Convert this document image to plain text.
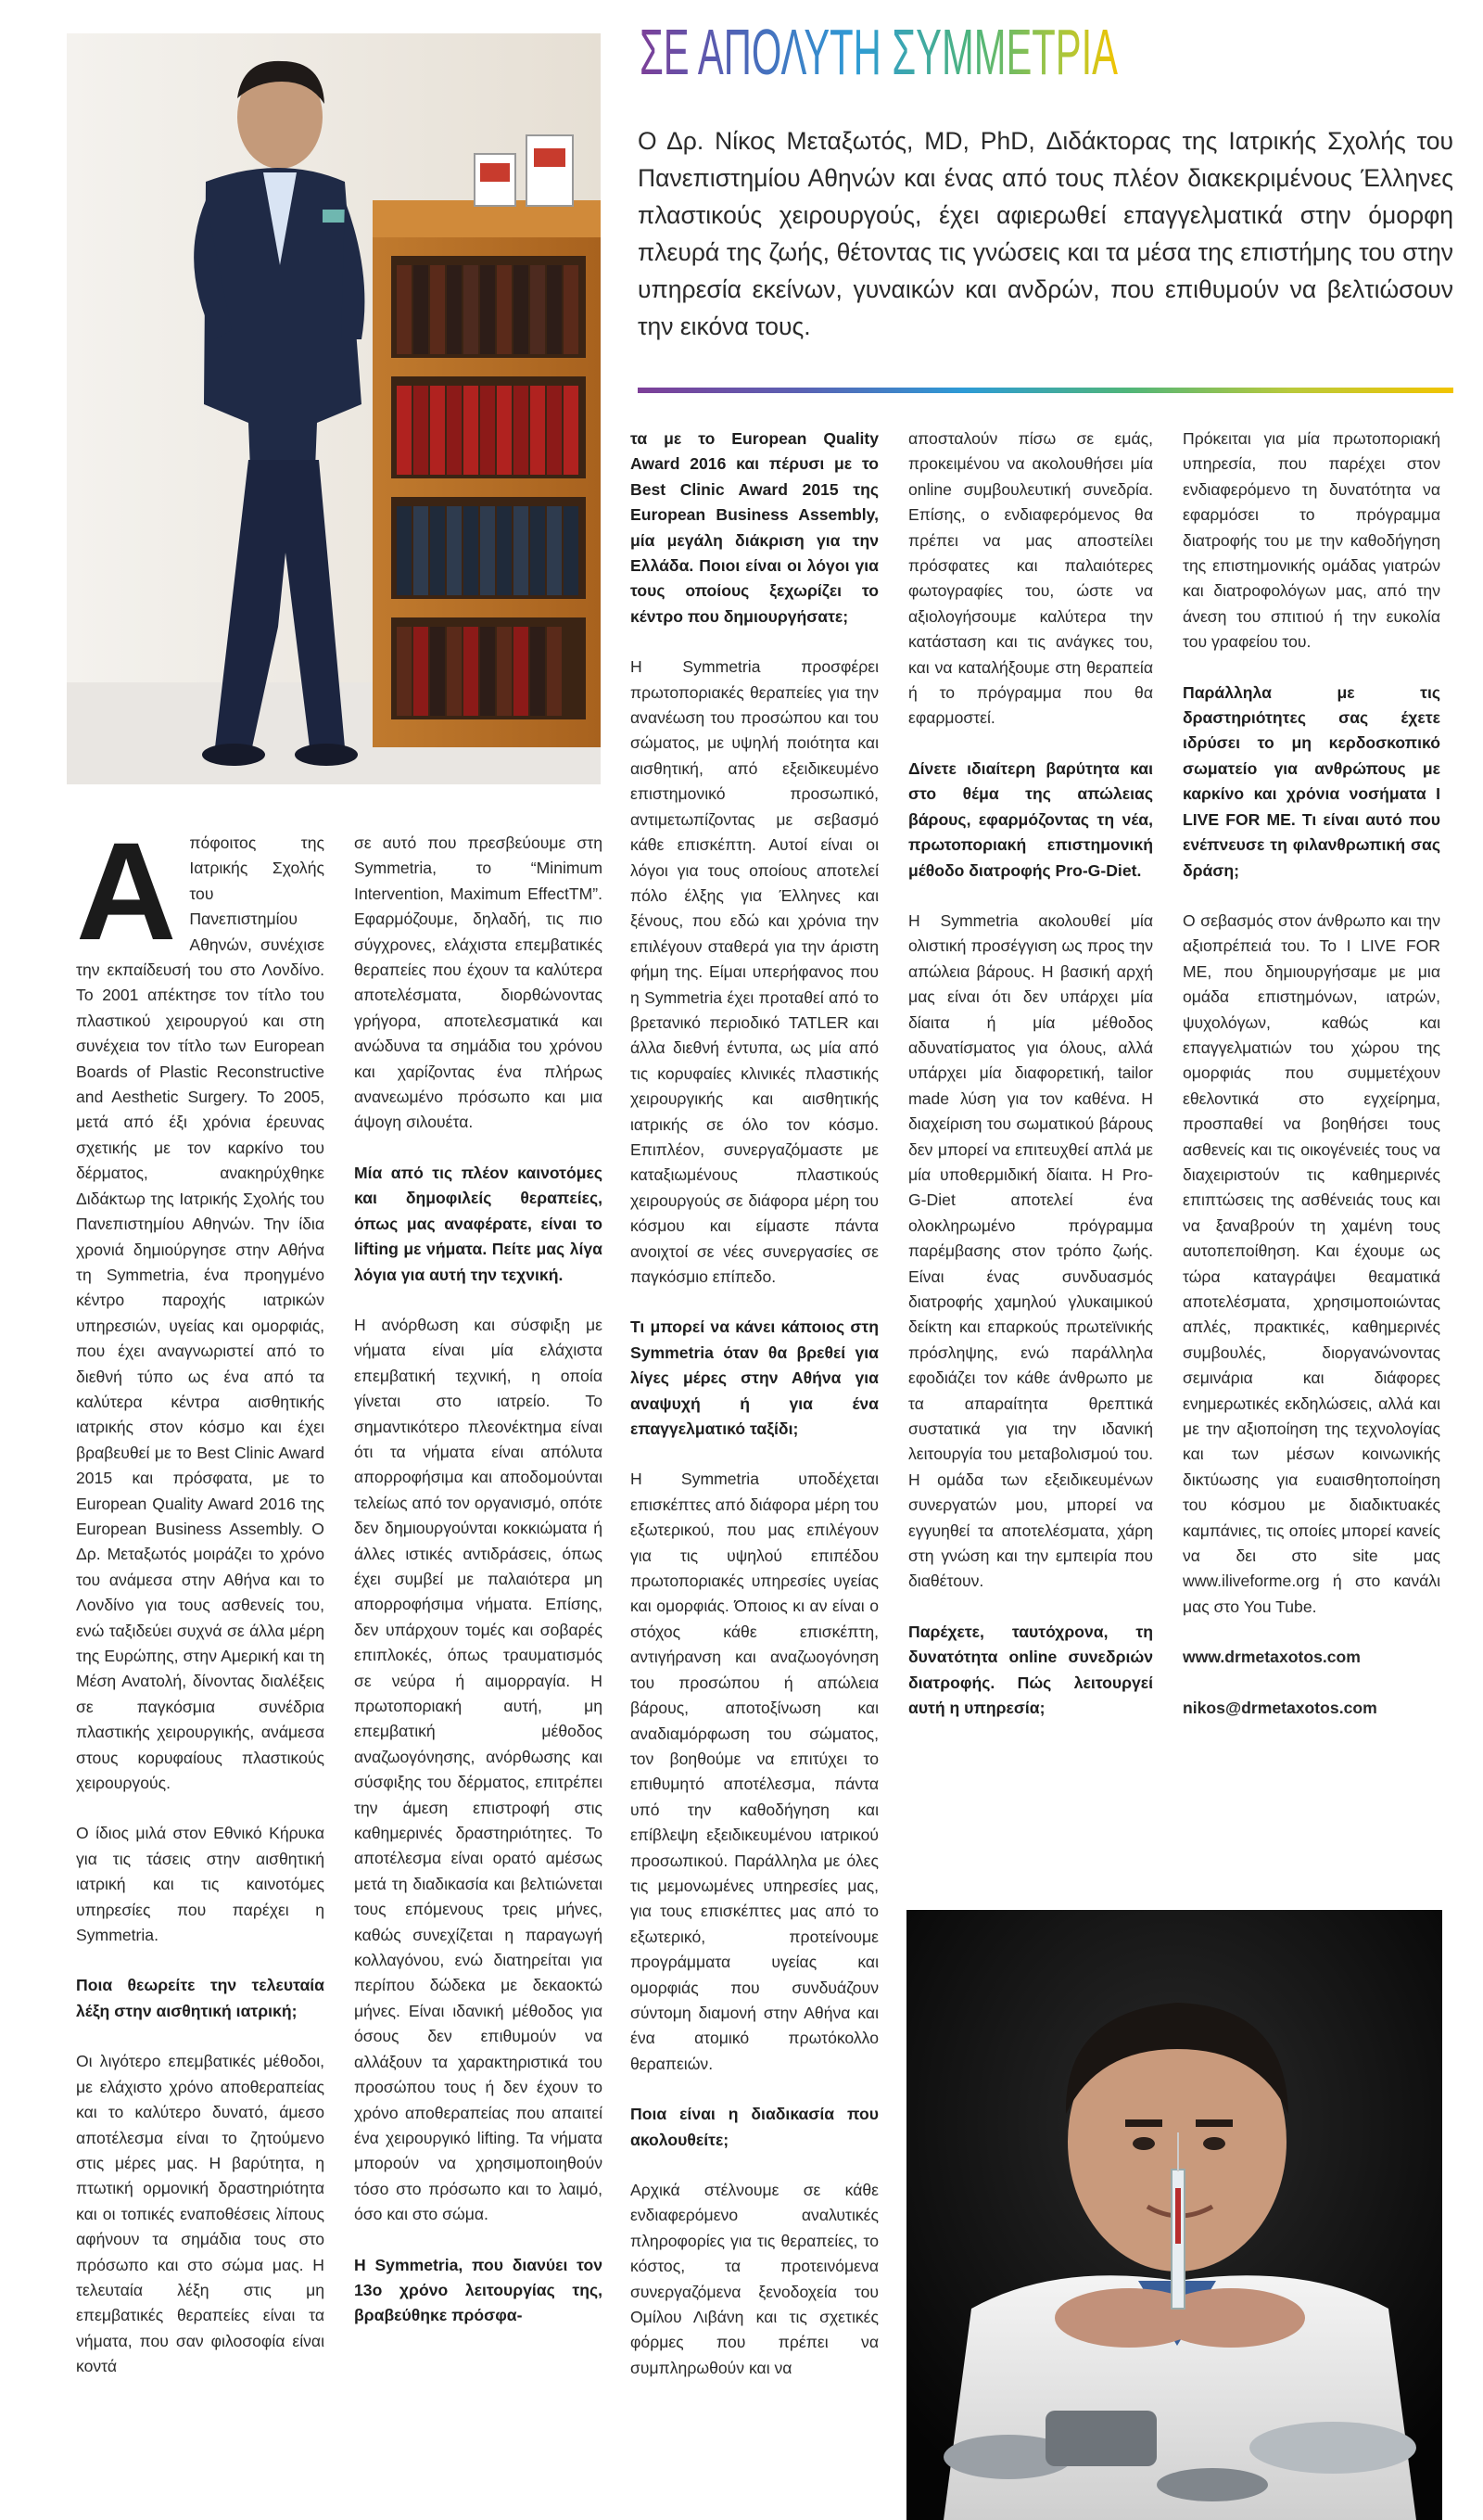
ΣΕ ΑΠΟΛΥΤΗ ΣΥΜΜΕΤΡΙΑ
Ο Δρ. Νίκος Μεταξωτός, MD, PhD, Διδάκτορας της Ιατρικής Σχολής του Πανεπιστημίου Αθηνών και ένας από τους πλέον διακεκριμένους Έλληνες πλαστικούς χειρουργούς, έχει αφιερωθεί επαγγελματικά στην όμορφη πλευρά της ζωής, θέτοντας τις γνώσεις και τα μέσα της επιστήμης του στην υπηρεσία εκείνων, γυναικών και ανδρών, που επιθυμούν να βελτιώσουν την εικόνα τους.

Απόφοιτος της Ιατρικής Σχολής του Πανεπιστημίου Αθηνών, συνέχισε την εκπαίδευσή του στο Λονδίνο. Το 2001 απέκτησε τον τίτλο του πλαστικού χειρουργού και στη συνέχεια τον τίτλο των European Boards of Plastic Reconstructive and Aesthetic Surgery. Το 2005, μετά από έξι χρόνια έρευνας σχετικής με τον καρκίνο του δέρματος, ανακηρύχθηκε Διδάκτωρ της Ιατρικής Σχολής του Πανεπιστημίου Αθηνών. Την ίδια χρονιά δημιούργησε στην Αθήνα τη Symmetria, ένα προηγμένο κέντρο παροχής ιατρικών υπηρεσιών, υγείας και ομορφιάς, που έχει αναγνωριστεί από το διεθνή τύπο ως ένα από τα καλύτερα κέντρα αισθητικής ιατρικής στον κόσμο και έχει βραβευθεί με το Best Clinic Award 2015 και πρόσφατα, με το European Quality Award 2016 της European Business Assembly. Ο Δρ. Μεταξωτός μοιράζει το χρόνο του ανάμεσα στην Αθήνα και το Λονδίνο για τους ασθενείς του, ενώ ταξιδεύει συχνά σε άλλα μέρη της Ευρώπης, στην Αμερική και τη Μέση Ανατολή, δίνοντας διαλέξεις σε παγκόσμια συνέδρια πλαστικής χειρουργικής, ανάμεσα στους κορυφαίους πλαστικούς χειρουργούς.

Ο ίδιος μιλά στον Εθνικό Κήρυκα για τις τάσεις στην αισθητική ιατρική και τις καινοτόμες υπηρεσίες που παρέχει η Symmetria.

Ποια θεωρείτε την τελευταία λέξη στην αισθητική ιατρική;

Οι λιγότερο επεμβατικές μέθοδοι, με ελάχιστο χρόνο αποθεραπείας και το καλύτερο δυνατό, άμεσο αποτέλεσμα είναι το ζητούμενο στις μέρες μας. Η βαρύτητα, η πτωτική ορμονική δραστηριότητα και οι τοπικές εναποθέσεις λίπους αφήνουν τα σημάδια τους στο πρόσωπο και στο σώμα μας. Η τελευταία λέξη στις μη επεμβατικές θεραπείες είναι τα νήματα, που σαν φιλοσοφία είναι κοντά

σε αυτό που πρεσβεύουμε στη Symmetria, το “Minimum Intervention, Maximum EffectTM”. Εφαρμόζουμε, δηλαδή, τις πιο σύγχρονες, ελάχιστα επεμβατικές θεραπείες που έχουν τα καλύτερα αποτελέσματα, διορθώνοντας γρήγορα, αποτελεσματικά και ανώδυνα τα σημάδια του χρόνου και χαρίζοντας ένα πλήρως ανανεωμένο πρόσωπο και μια άψογη σιλουέτα.

Μία από τις πλέον καινοτόμες και δημοφιλείς θεραπείες, όπως μας αναφέρατε, είναι το lifting με νήματα. Πείτε μας λίγα λόγια για αυτή την τεχνική.

Η ανόρθωση και σύσφιξη με νήματα είναι μία ελάχιστα επεμβατική τεχνική, η οποία γίνεται στο ιατρείο. Το σημαντικότερο πλεονέκτημα είναι ότι τα νήματα είναι απόλυτα απορροφήσιμα και αποδομούνται τελείως από τον οργανισμό, οπότε δεν δημιουργούνται κοκκιώματα ή άλλες ιστικές αντιδράσεις, όπως έχει συμβεί με παλαιότερα μη απορροφήσιμα νήματα. Επίσης, δεν υπάρχουν τομές και σοβαρές επιπλοκές, όπως τραυματισμός σε νεύρα ή αιμορραγία. Η πρωτοποριακή αυτή, μη επεμβατική μέθοδος αναζωογόνησης, ανόρθωσης και σύσφιξης του δέρματος, επιτρέπει την άμεση επιστροφή στις καθημερινές δραστηριότητες. Το αποτέλεσμα είναι ορατό αμέσως μετά τη διαδικασία και βελτιώνεται τους επόμενους τρεις μήνες, καθώς συνεχίζεται η παραγωγή κολλαγόνου, ενώ διατηρείται για περίπου δώδεκα με δεκαοκτώ μήνες. Είναι ιδανική μέθοδος για όσους δεν επιθυμούν να αλλάξουν τα χαρακτηριστικά του προσώπου τους ή δεν έχουν το χρόνο αποθεραπείας που απαιτεί ένα χειρουργικό lifting. Τα νήματα μπορούν να χρησιμοποιηθούν τόσο στο πρόσωπο και το λαιμό, όσο και στο σώμα.

Η Symmetria, που διανύει τον 13ο χρόνο λειτουργίας της, βραβεύθηκε πρόσφα-

τα με το European Quality Award 2016 και πέρυσι με το Best Clinic Award 2015 της European Business Assembly, μία μεγάλη διάκριση για την Ελλάδα. Ποιοι είναι οι λόγοι για τους οποίους ξεχωρίζει το κέντρο που δημιουργήσατε;

Η Symmetria προσφέρει πρωτοποριακές θεραπείες για την ανανέωση του προσώπου και του σώματος, με υψηλή ποιότητα και αισθητική, από εξειδικευμένο επιστημονικό προσωπικό, αντιμετωπίζοντας με σεβασμό κάθε επισκέπτη. Αυτοί είναι οι λόγοι για τους οποίους αποτελεί πόλο έλξης για Έλληνες και ξένους, που εδώ και χρόνια την επιλέγουν σταθερά για την άριστη φήμη της. Είμαι υπερήφανος που η Symmetria έχει προταθεί από το βρετανικό περιοδικό TATLER και άλλα διεθνή έντυπα, ως μία από τις κορυφαίες κλινικές πλαστικής χειρουργικής και αισθητικής ιατρικής σε όλο τον κόσμο. Επιπλέον, συνεργαζόμαστε με καταξιωμένους πλαστικούς χειρουργούς σε διάφορα μέρη του κόσμου και είμαστε πάντα ανοιχτοί σε νέες συνεργασίες σε παγκόσμιο επίπεδο.

Τι μπορεί να κάνει κάποιος στη Symmetria όταν θα βρεθεί για λίγες μέρες στην Αθήνα για αναψυχή ή για ένα επαγγελματικό ταξίδι;

Η Symmetria υποδέχεται επισκέπτες από διάφορα μέρη του εξωτερικού, που μας επιλέγουν για τις υψηλού επιπέδου πρωτοποριακές υπηρεσίες υγείας και ομορφιάς. Όποιος κι αν είναι ο στόχος κάθε επισκέπτη, αντιγήρανση και αναζωογόνηση του προσώπου ή απώλεια βάρους, αποτοξίνωση και αναδιαμόρφωση του σώματος, τον βοηθούμε να επιτύχει το επιθυμητό αποτέλεσμα, πάντα υπό την καθοδήγηση και επίβλεψη εξειδικευμένου ιατρικού προσωπικού. Παράλληλα με όλες τις μεμονωμένες υπηρεσίες μας, για τους επισκέπτες μας από το εξωτερικό, προτείνουμε προγράμματα υγείας και ομορφιάς που συνδυάζουν σύντομη διαμονή στην Αθήνα και ένα ατομικό πρωτόκολλο θεραπειών.

Ποια είναι η διαδικασία που ακολουθείτε;

Αρχικά στέλνουμε σε κάθε ενδιαφερόμενο αναλυτικές πληροφορίες για τις θεραπείες, το κόστος, τα προτεινόμενα συνεργαζόμενα ξενοδοχεία του Ομίλου Λιβάνη και τις σχετικές φόρμες που πρέπει να συμπληρωθούν και να

αποσταλούν πίσω σε εμάς, προκειμένου να ακολουθήσει μία online συμβουλευτική συνεδρία. Επίσης, ο ενδιαφερόμενος θα πρέπει να μας αποστείλει πρόσφατες και παλαιότερες φωτογραφίες του, ώστε να αξιολογήσουμε καλύτερα την κατάσταση και τις ανάγκες του, και να καταλήξουμε στη θεραπεία ή το πρόγραμμα που θα εφαρμοστεί.

Δίνετε ιδιαίτερη βαρύτητα και στο θέμα της απώλειας βάρους, εφαρμόζοντας τη νέα, πρωτοποριακή επιστημονική μέθοδο διατροφής Pro-G-Diet.

Η Symmetria ακολουθεί μία ολιστική προσέγγιση ως προς την απώλεια βάρους. Η βασική αρχή μας είναι ότι δεν υπάρχει μία δίαιτα ή μία μέθοδος αδυνατίσματος για όλους, αλλά υπάρχει μία διαφορετική, tailor made λύση για τον καθένα. Η διαχείριση του σωματικού βάρους δεν μπορεί να επιτευχθεί απλά με μία υποθερμιδική δίαιτα. Η Pro-G-Diet αποτελεί ένα ολοκληρωμένο πρόγραμμα παρέμβασης στον τρόπο ζωής. Είναι ένας συνδυασμός διατροφής χαμηλού γλυκαιμικού δείκτη και επαρκούς πρωτεϊνικής πρόσληψης, ενώ παράλληλα εφοδιάζει τον κάθε άνθρωπο με τα απαραίτητα θρεπτικά συστατικά για την ιδανική λειτουργία του μεταβολισμού του. Η ομάδα των εξειδικευμένων συνεργατών μου, μπορεί να εγγυηθεί τα αποτελέσματα, χάρη στη γνώση και την εμπειρία που διαθέτουν.

Παρέχετε, ταυτόχρονα, τη δυνατότητα online συνεδριών διατροφής. Πώς λειτουργεί αυτή η υπηρεσία;

Πρόκειται για μία πρωτοποριακή υπηρεσία, που παρέχει στον ενδιαφερόμενο τη δυνατότητα να εφαρμόσει το πρόγραμμα διατροφής του με την καθοδήγηση της επιστημονικής ομάδας γιατρών και διατροφολόγων μας, από την άνεση του σπιτιού ή την ευκολία του γραφείου του.

Παράλληλα με τις δραστηριότητες σας έχετε ιδρύσει το μη κερδοσκοπικό σωματείο για ανθρώπους με καρκίνο και χρόνια νοσήματα I LIVE FOR ME. Τι είναι αυτό που ενέπνευσε τη φιλανθρωπική σας δράση;

Ο σεβασμός στον άνθρωπο και την αξιοπρέπειά του. Το I LIVE FOR ME, που δημιουργήσαμε με μια ομάδα επιστημόνων, ιατρών, ψυχολόγων, καθώς και επαγγελματιών του χώρου της ομορφιάς που συμμετέχουν εθελοντικά στο εγχείρημα, προσπαθεί να βοηθήσει τους ασθενείς και τις οικογένειές τους να διαχειριστούν τις καθημερινές επιπτώσεις της ασθένειάς τους και να ξαναβρούν τη χαμένη τους αυτοπεποίθηση. Και έχουμε ως τώρα καταγράψει θεαματικά αποτελέσματα, χρησιμοποιώντας απλές, πρακτικές, καθημερινές συμβουλές, διοργανώνοντας σεμινάρια και διάφορες ενημερωτικές εκδηλώσεις, αλλά και με την αξιοποίηση της τεχνολογίας και των μέσων κοινωνικής δικτύωσης για ευαισθητοποίηση του κόσμου με διαδικτυακές καμπάνιες, τις οποίες μπορεί κανείς να δει στο site μας www.iliveforme.org ή στο κανάλι μας στο You Tube.

www.drmetaxotos.com

nikos@drmetaxotos.com
